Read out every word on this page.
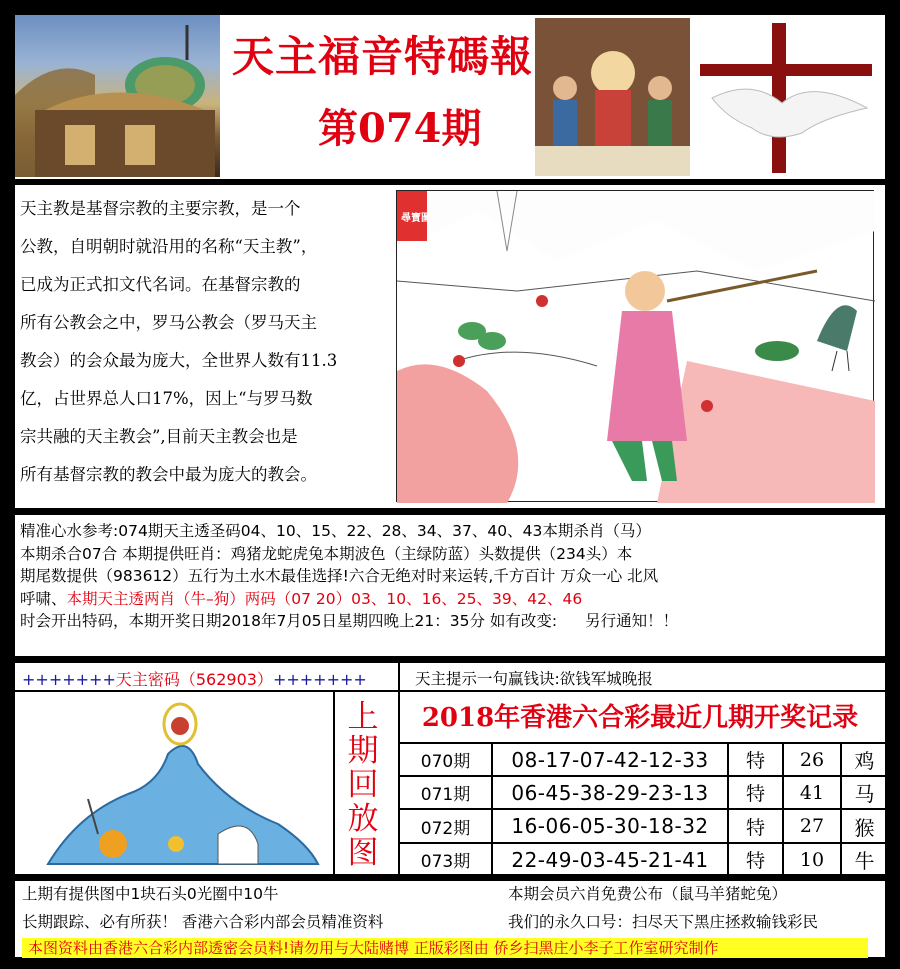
天主福音特碼報
第074期
天主教是基督宗教的主要宗教，是一个
公教，自明朝时就沿用的名称“天主教”，
已成为正式扣文代名词。在基督宗教的
所有公教会之中，罗马公教会（罗马天主
教会）的会众最为庞大，全世界人数有11.3
亿，占世界总人口17%，因上“与罗马数
宗共融的天主教会”,目前天主教会也是
所有基督宗教的教会中最为庞大的教会。
尋寶圖
精准心水参考:074期天主透圣码04、10、15、22、28、34、37、40、43本期杀肖（马）
本期杀合07合 本期提供旺肖：鸡猪龙蛇虎兔本期波色（主绿防蓝）头数提供（234头）本
期尾数提供（983612）五行为土水木最佳选择!六合无绝对时来运转,千方百计 万众一心 北风
呼啸、本期天主透两肖（牛–狗）两码（07 20）03、10、16、25、39、42、46
时会开出特码，本期开奖日期2018年7月05日星期四晚上21：35分 如有改变: 另行通知！！
+++++++天主密码（562903）+++++++	天主提示一句赢钱诀:欲钱军城晚报
上
期
回
放
图
2018年香港六合彩最近几期开奖记录
070期	08-17-07-42-12-33	特	26	鸡
071期	06-45-38-29-23-13	特	41	马
072期	16-06-05-30-18-32	特	27	猴
073期	22-49-03-45-21-41	特	10	牛
上期有提供图中1块石头0光圈中10牛	本期会员六肖免费公布（鼠马羊猪蛇兔）
长期跟踪、必有所获！ 香港六合彩内部会员精准资料	我们的永久口号：扫尽天下黑庄拯救输钱彩民
本图资料由香港六合彩内部透密会员料!请勿用与大陆赌博 正版彩图由 侨乡扫黑庄小李子工作室研究制作
